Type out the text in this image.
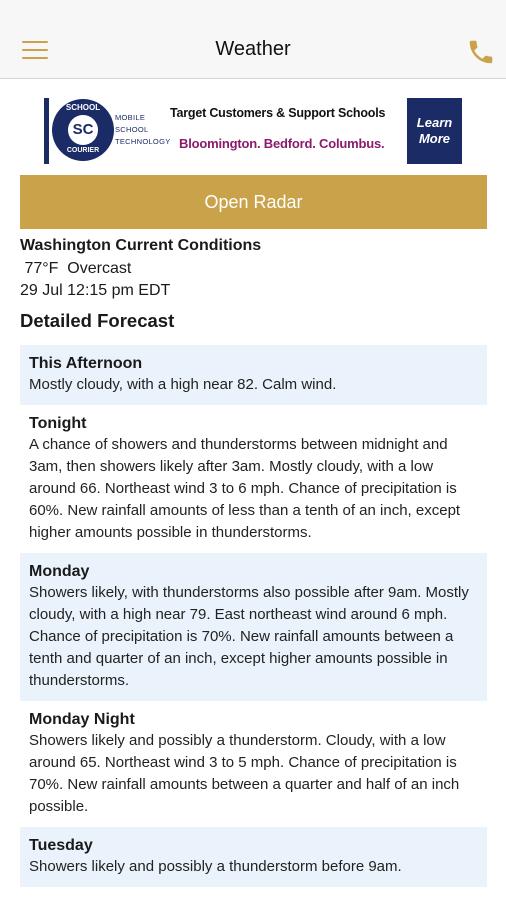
Weather
SCHOOL
SC
COURIER
MOBILE SCHOOL TECHNOLOGY
Target Customers & Support Schools
Bloomington. Bedford. Columbus.
Learn More
Open Radar
Washington Current Conditions
77°F  Overcast
29 Jul 12:15 pm EDT
Detailed Forecast
This Afternoon
Mostly cloudy, with a high near 82. Calm wind.
Tonight
A chance of showers and thunderstorms between midnight and 3am, then showers likely after 3am. Mostly cloudy, with a low around 66. Northeast wind 3 to 6 mph. Chance of precipitation is 60%. New rainfall amounts of less than a tenth of an inch, except higher amounts possible in thunderstorms.
Monday
Showers likely, with thunderstorms also possible after 9am. Mostly cloudy, with a high near 79. East northeast wind around 6 mph. Chance of precipitation is 70%. New rainfall amounts between a tenth and quarter of an inch, except higher amounts possible in thunderstorms.
Monday Night
Showers likely and possibly a thunderstorm. Cloudy, with a low around 65. Northeast wind 3 to 5 mph. Chance of precipitation is 70%. New rainfall amounts between a quarter and half of an inch possible.
Tuesday
Showers likely and possibly a thunderstorm before 9am.
